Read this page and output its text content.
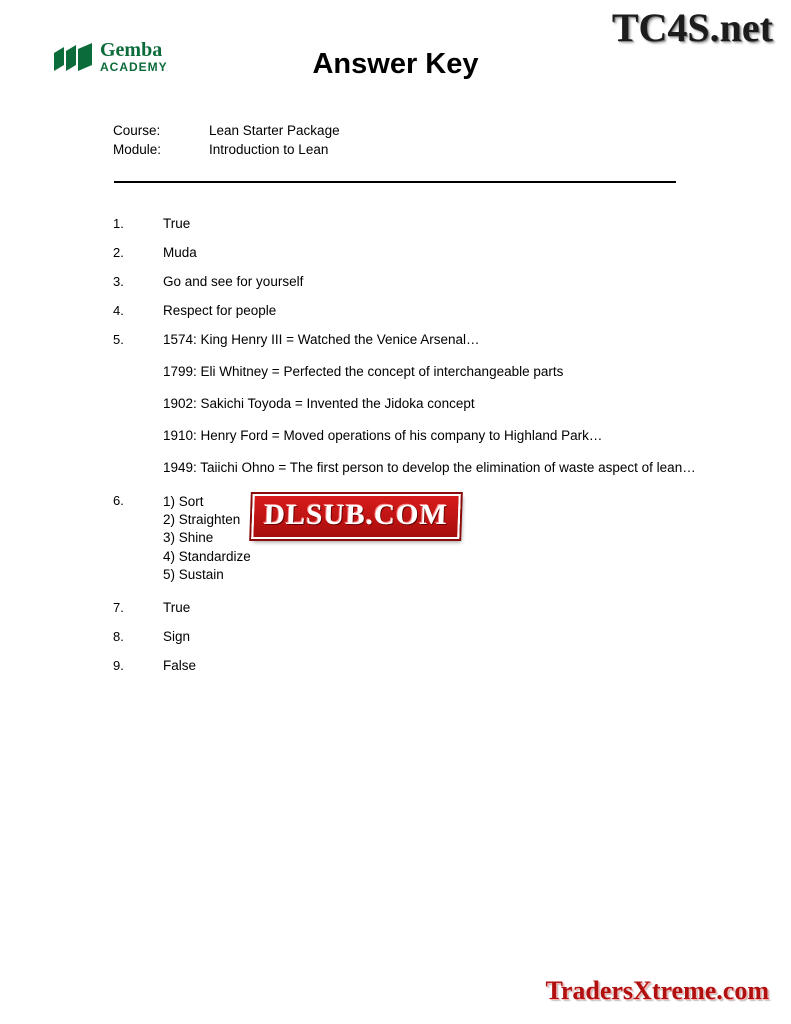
Gemba
ACADEMY	Answer Key
Course:	Lean Starter Package
Module:	Introduction to Lean
1.	True
2.	Muda
3.	Go and see for yourself
4.	Respect for people
5.	1574: King Henry III = Watched the Venice Arsenal…
1799: Eli Whitney = Perfected the concept of interchangeable parts
1902: Sakichi Toyoda = Invented the Jidoka concept
1910: Henry Ford = Moved operations of his company to Highland Park…
1949: Taiichi Ohno = The first person to develop the elimination of waste aspect of lean…
6.	1) Sort
2) Straighten
3) Shine
4) Standardize
5) Sustain
7.	True
8.	Sign
9.	False
TC4S.net
DLSUB.COM
TradersXtreme.com
